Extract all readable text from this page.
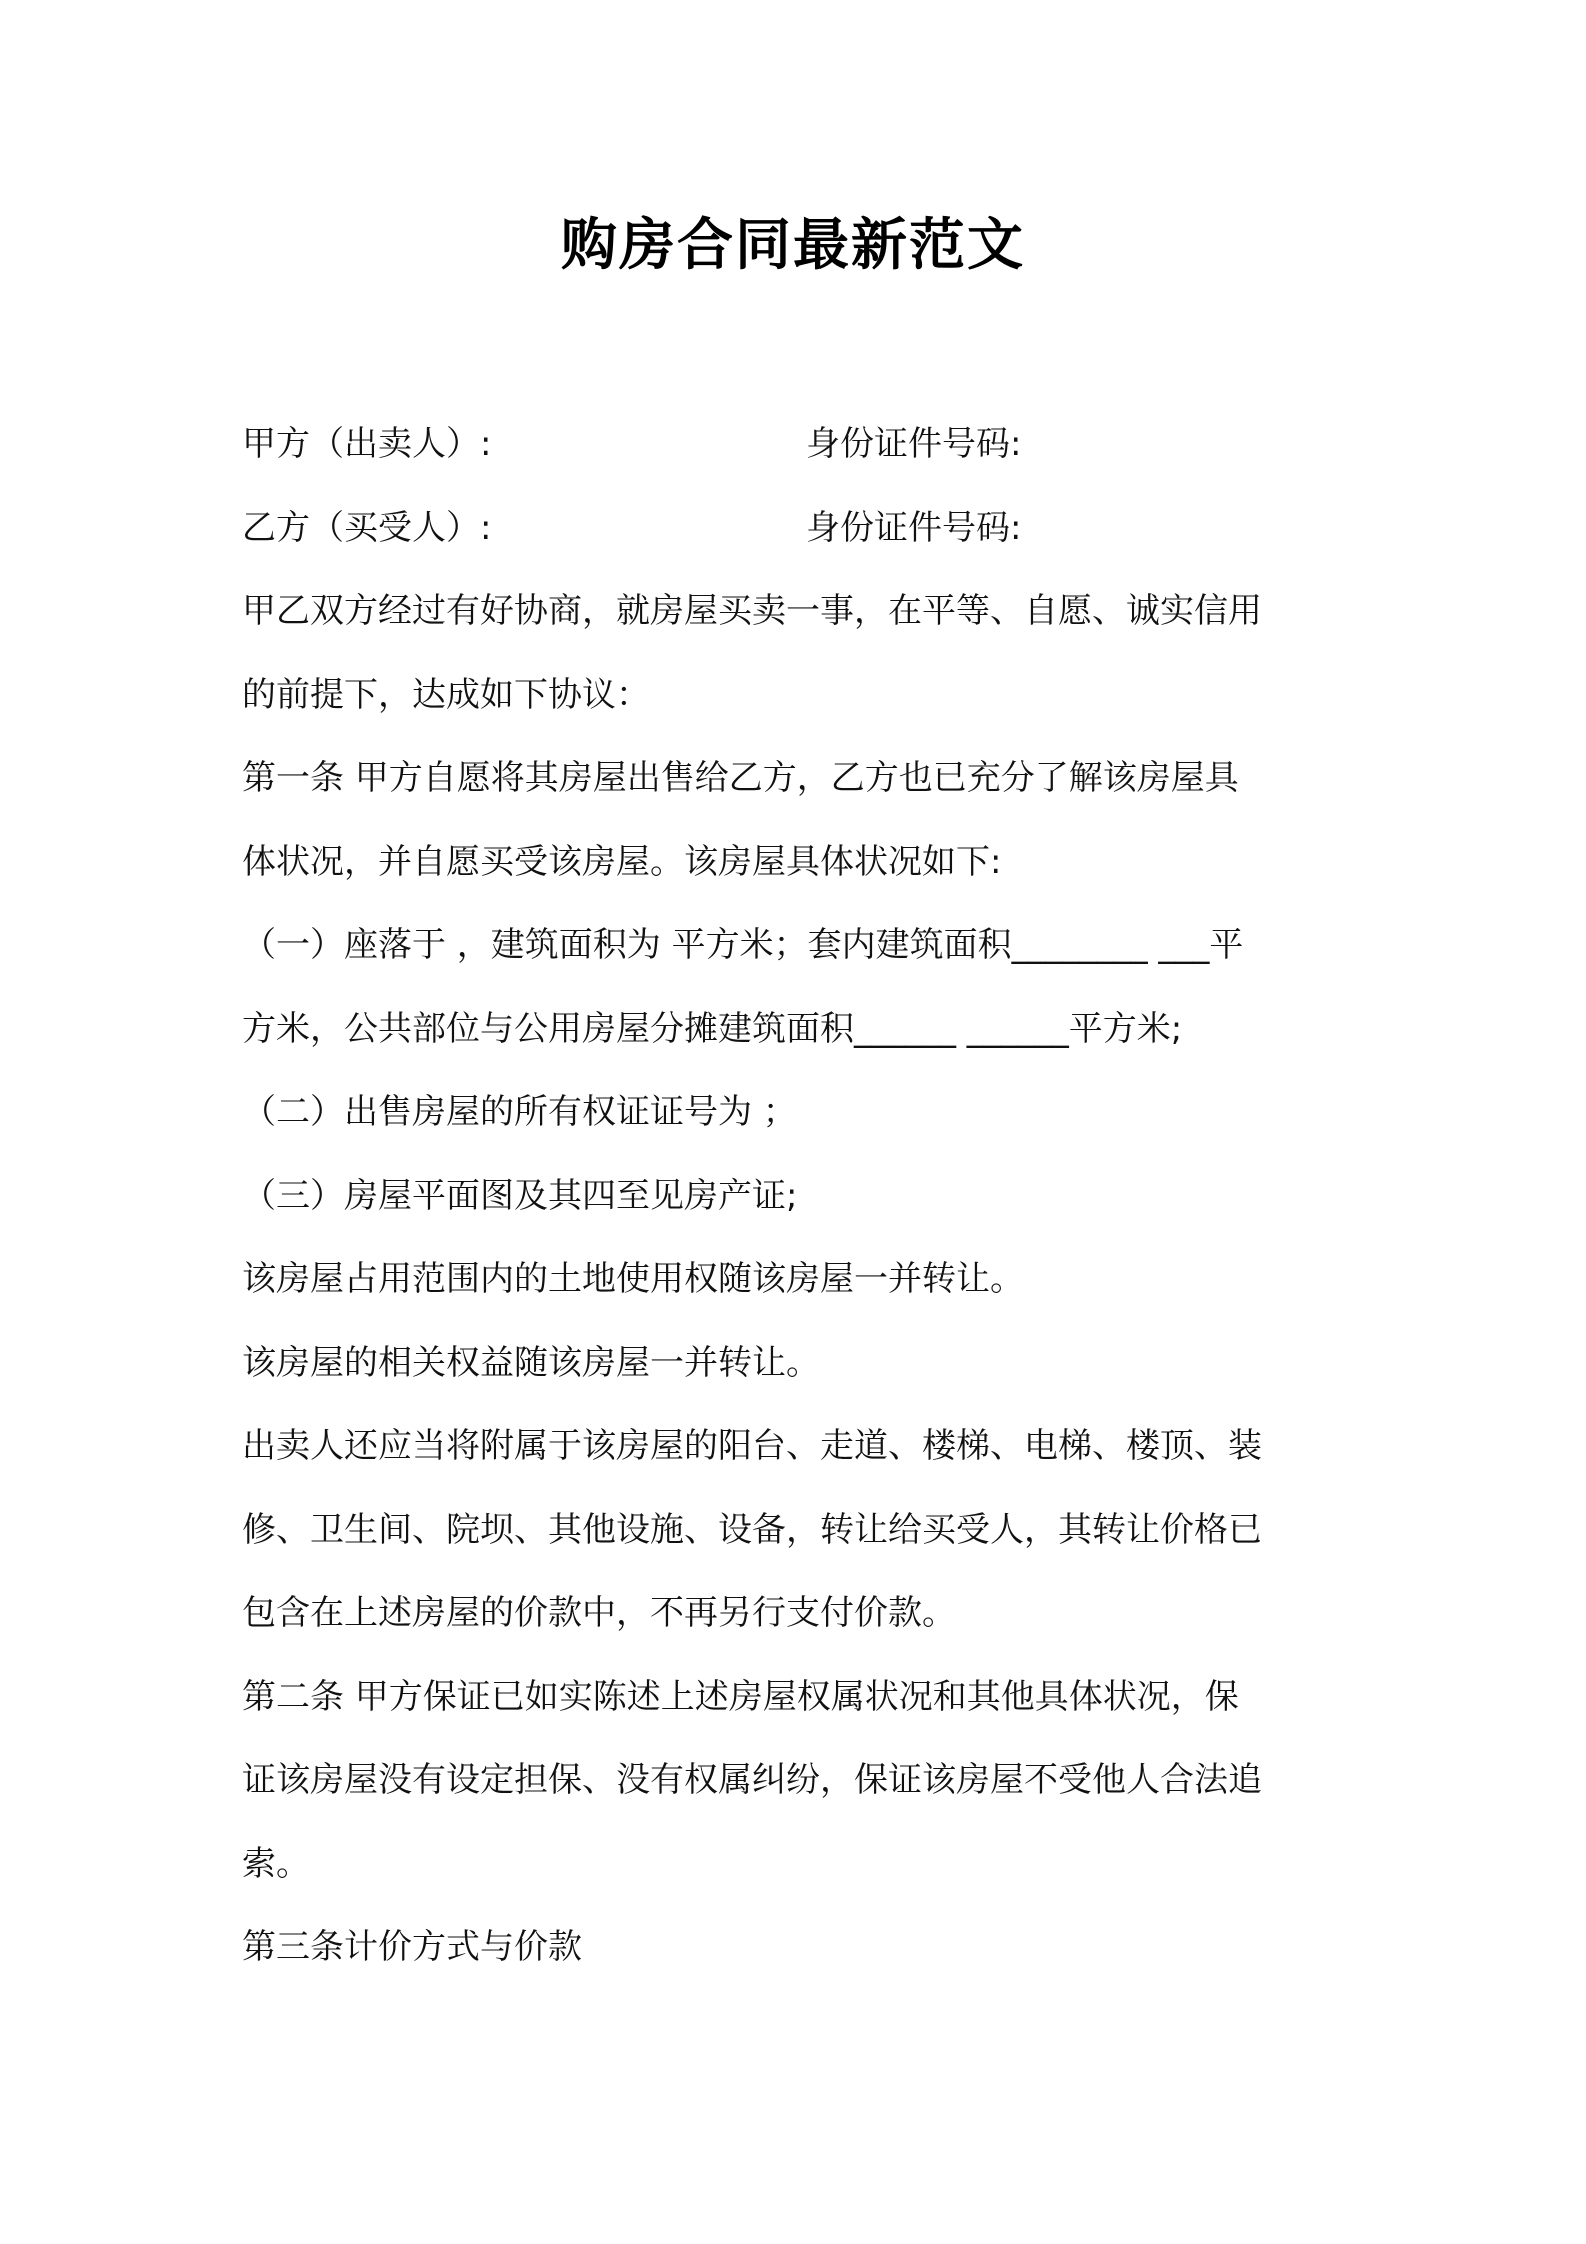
购房合同最新范文
甲方（出卖人）:	身份证件号码:
乙方（买受人）:	身份证件号码:
甲乙双方经过有好协商，就房屋买卖一事，在平等、自愿、诚实信用
的前提下，达成如下协议：
第一条 甲方自愿将其房屋出售给乙方，乙方也已充分了解该房屋具
体状况，并自愿买受该房屋。该房屋具体状况如下:
（一）座落于 ，建筑面积为 平方米；套内建筑面积________ ___平
方米，公共部位与公用房屋分摊建筑面积______ ______平方米;
（二）出售房屋的所有权证证号为 ；
（三）房屋平面图及其四至见房产证;
该房屋占用范围内的土地使用权随该房屋一并转让。
该房屋的相关权益随该房屋一并转让。
出卖人还应当将附属于该房屋的阳台、走道、楼梯、电梯、楼顶、装
修、卫生间、院坝、其他设施、设备，转让给买受人，其转让价格已
包含在上述房屋的价款中，不再另行支付价款。
第二条 甲方保证已如实陈述上述房屋权属状况和其他具体状况，保
证该房屋没有设定担保、没有权属纠纷，保证该房屋不受他人合法追
索。
第三条计价方式与价款
